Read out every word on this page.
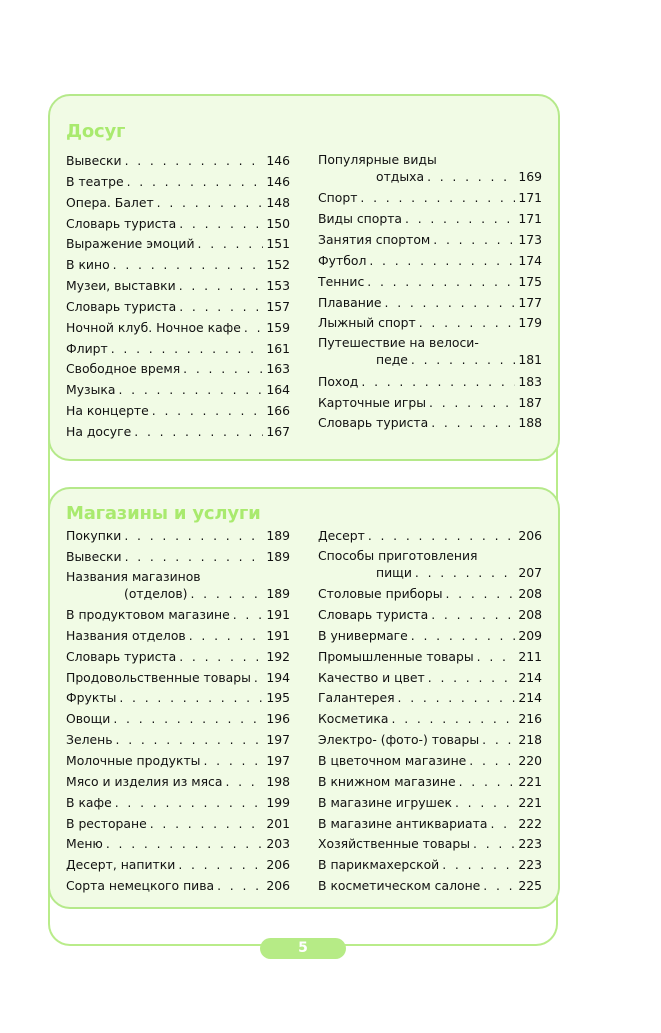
Досуг
Вывески . . .	146
В театре . . .	146
Опера. Балет . . .	148
Словарь туриста . . .	150
Выражение эмоций . . .	151
В кино . . .	152
Музеи, выставки . . .	153
Словарь туриста . . .	157
Ночной клуб. Ночное кафе . . . 159
Флирт . . .	161
Свободное время . . .	163
Музыка . . .	164
На концерте . . .	166
На досуге . . .	167
Популярные виды
отдыха . . .	169
Спорт . . .	171
Виды спорта . . .	171
Занятия спортом . . .	173
Футбол . . .	174
Теннис . . .	175
Плавание . . .	177
Лыжный спорт . . .	179
Путешествие на велоси-
педе . . .	181
Поход . . .	183
Карточные игры . . .	187
Словарь туриста . . .	188
Магазины и услуги
Покупки . . .	189
Вывески . . .	189
Названия магазинов
(отделов) . . .	189
В продуктовом магазине . . .	191
Названия отделов . . .	191
Словарь туриста . . .	192
Продовольственные товары . . . 194
Фрукты . . .	195
Овощи . . .	196
Зелень . . .	197
Молочные продукты . . .	197
Мясо и изделия из мяса . . .	198
В кафе . . .	199
В ресторане . . .	201
Меню . . .	203
Десерт, напитки . . .	206
Сорта немецкого пива . . .	206
Десерт . . .	206
Способы приготовления
пищи . . .	207
Столовые приборы . . .	208
Словарь туриста . . .	208
В универмаге . . .	209
Промышленные товары . . .	211
Качество и цвет . . .	214
Галантерея . . .	214
Косметика . . .	216
Электро- (фото-) товары . . .	218
В цветочном магазине . . .	220
В книжном магазине . . .	221
В магазине игрушек . . .	221
В магазине антиквариата . . . 222
Хозяйственные товары . . .	223
В парикмахерской . . .	223
В косметическом салоне . . .	225
5
